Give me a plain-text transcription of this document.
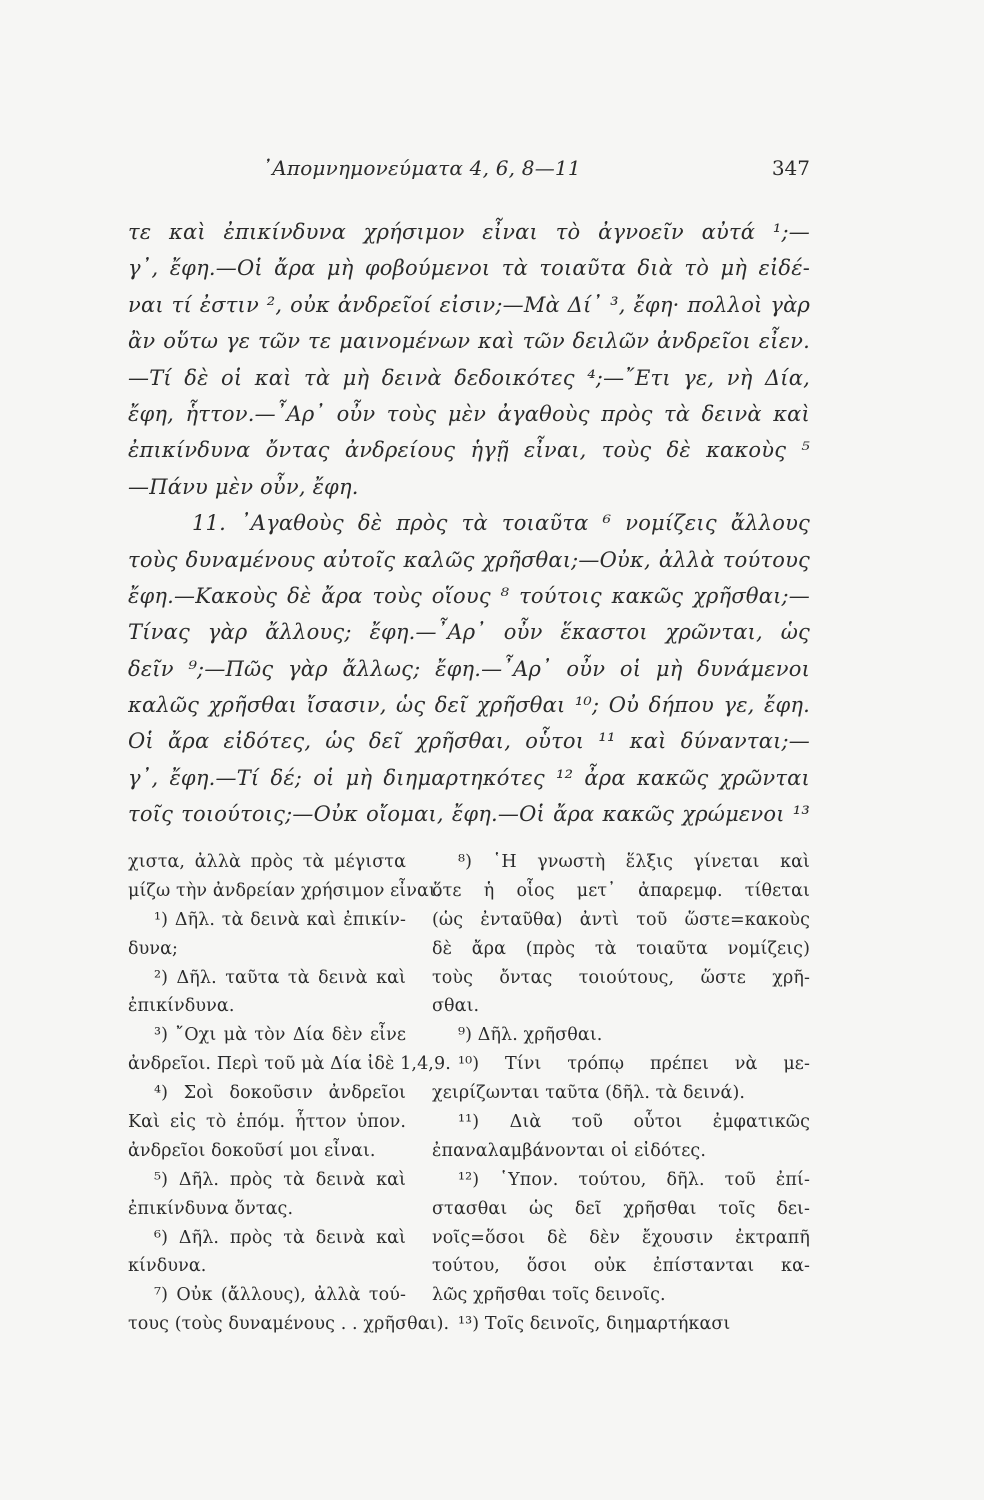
᾿Απομνημονεύματα 4, 6, 8—11	347
τε καὶ ἐπικίνδυνα χρήσιμον εἶναι τὸ ἀγνοεῖν αὐτά ¹;—
γ᾽, ἔφη.—Οἱ ἄρα μὴ φοβούμενοι τὰ τοιαῦτα διὰ τὸ μὴ εἰδέ-
ναι τί ἐστιν ², οὐκ ἀνδρεῖοί εἰσιν;—Μὰ Δί᾽ ³, ἔφη· πολλοὶ γὰρ
ἂν οὕτω γε τῶν τε μαινομένων καὶ τῶν δειλῶν ἀνδρεῖοι εἶεν.
—Τί δὲ οἱ καὶ τὰ μὴ δεινὰ δεδοικότες ⁴;—῎Ετι γε, νὴ Δία,
ἔφη, ἧττον.—῏Αρ᾽ οὖν τοὺς μὲν ἀγαθοὺς πρὸς τὰ δεινὰ καὶ
ἐπικίνδυνα ὄντας ἀνδρείους ἡγῇ εἶναι, τοὺς δὲ κακοὺς ⁵
—Πάνυ μὲν οὖν, ἔφη.
11. ᾿Αγαθοὺς δὲ πρὸς τὰ τοιαῦτα ⁶ νομίζεις ἄλλους
τοὺς δυναμένους αὐτοῖς καλῶς χρῆσθαι;—Οὐκ, ἀλλὰ τούτους
ἔφη.—Κακοὺς δὲ ἄρα τοὺς οἵους ⁸ τούτοις κακῶς χρῆσθαι;—
Τίνας γὰρ ἄλλους; ἔφη.—῏Αρ᾽ οὖν ἕκαστοι χρῶνται, ὡς
δεῖν ⁹;—Πῶς γὰρ ἄλλως; ἔφη.—῏Αρ᾽ οὖν οἱ μὴ δυνάμενοι
καλῶς χρῆσθαι ἴσασιν, ὡς δεῖ χρῆσθαι ¹⁰; Οὐ δήπου γε, ἔφη.
Οἱ ἄρα εἰδότες, ὡς δεῖ χρῆσθαι, οὗτοι ¹¹ καὶ δύνανται;—
γ᾽, ἔφη.—Τί δέ; οἱ μὴ διημαρτηκότες ¹² ἆρα κακῶς χρῶνται
τοῖς τοιούτοις;—Οὐκ οἴομαι, ἔφη.—Οἱ ἄρα κακῶς χρώμενοι ¹³
χιστα, ἀλλὰ πρὸς τὰ μέγιστα
μίζω τὴν ἀνδρείαν χρήσιμον εἶναι.
¹) Δῆλ. τὰ δεινὰ καὶ ἐπικίν-
δυνα;
²) Δῆλ. ταῦτα τὰ δεινὰ καὶ
ἐπικίνδυνα.
³) ῎Οχι μὰ τὸν Δία δὲν εἶνε
ἀνδρεῖοι. Περὶ τοῦ μὰ Δία ἰδὲ 1,4,9.
⁴) Σοὶ δοκοῦσιν ἀνδρεῖοι
Καὶ εἰς τὸ ἑπόμ. ἧττον ὑπον.
ἀνδρεῖοι δοκοῦσί μοι εἶναι.
⁵) Δῆλ. πρὸς τὰ δεινὰ καὶ
ἐπικίνδυνα ὄντας.
⁶) Δῆλ. πρὸς τὰ δεινὰ καὶ
κίνδυνα.
⁷) Οὐκ (ἄλλους), ἀλλὰ τού-
τους (τοὺς δυναμένους . . χρῆσθαι).
⁸) ῾Η γνωστὴ ἕλξις γίνεται καὶ
ὅτε ἡ οἷος μετ᾽ ἀπαρεμφ. τίθεται
(ὡς ἐνταῦθα) ἀντὶ τοῦ ὥστε=κακοὺς
δὲ ἄρα (πρὸς τὰ τοιαῦτα νομίζεις)
τοὺς ὄντας τοιούτους, ὥστε χρῆ-
σθαι.
⁹) Δῆλ. χρῆσθαι.
¹⁰) Τίνι τρόπῳ πρέπει νὰ με-
χειρίζωνται ταῦτα (δῆλ. τὰ δεινά).
¹¹) Διὰ τοῦ οὗτοι ἐμφατικῶς
ἐπαναλαμβάνονται οἱ εἰδότες.
¹²) ῾Υπον. τούτου, δῆλ. τοῦ ἐπί-
στασθαι ὡς δεῖ χρῆσθαι τοῖς δει-
νοῖς=ὅσοι δὲ δὲν ἔχουσιν ἐκτραπῆ
τούτου, ὅσοι οὐκ ἐπίστανται κα-
λῶς χρῆσθαι τοῖς δεινοῖς.
¹³) Τοῖς δεινοῖς, διημαρτήκασι
